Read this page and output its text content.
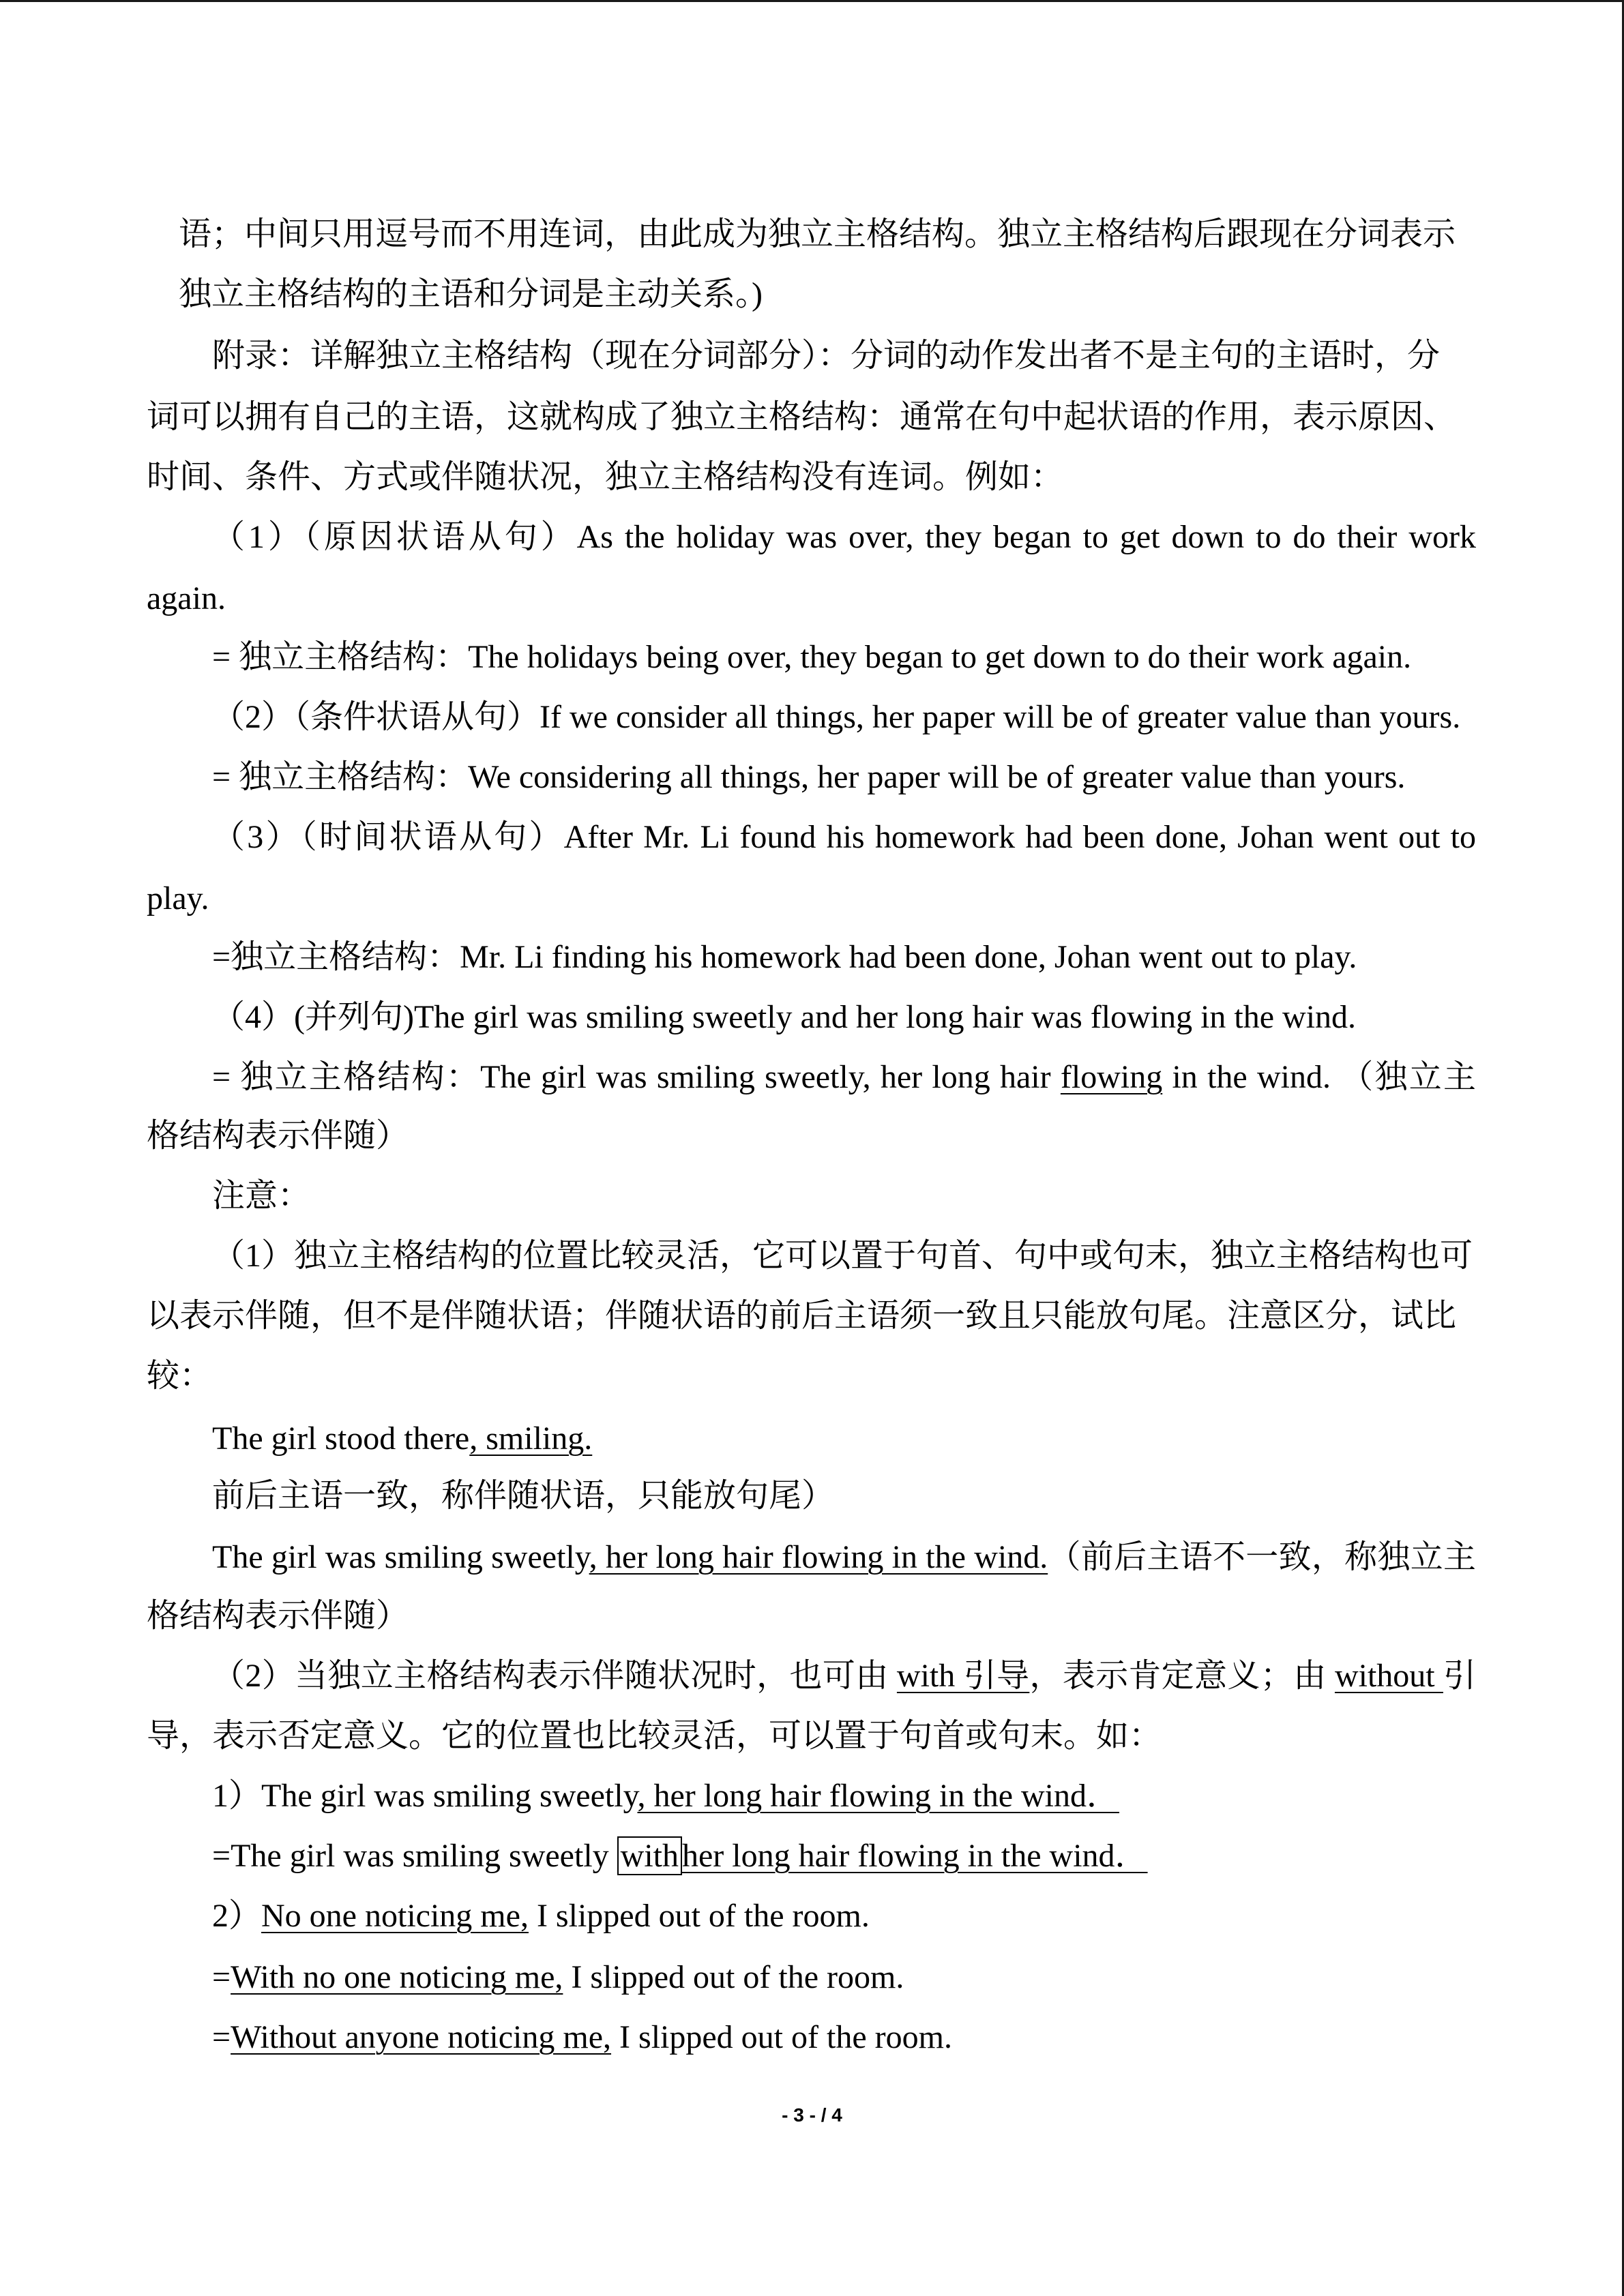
语；中间只用逗号而不用连词，由此成为独立主格结构。独立主格结构后跟现在分词表示
独立主格结构的主语和分词是主动关系。)
附录：详解独立主格结构（现在分词部分）：分词的动作发出者不是主句的主语时，分
词可以拥有自己的主语，这就构成了独立主格结构：通常在句中起状语的作用，表示原因、
时间、条件、方式或伴随状况，独立主格结构没有连词。例如：
（1）（原因状语从句）As the holiday was over, they began to get down to do their work
again.
= 独立主格结构：The holidays being over, they began to get down to do their work again.
（2）（条件状语从句）If we consider all things, her paper will be of greater value than yours.
= 独立主格结构：We considering all things, her paper will be of greater value than yours.
（3）（时间状语从句）After Mr. Li found his homework had been done, Johan went out to
play.
=独立主格结构：Mr. Li finding his homework had been done, Johan went out to play.
（4）(并列句)The girl was smiling sweetly and her long hair was flowing in the wind.
= 独立主格结构：The girl was smiling sweetly, her long hair flowing in the wind. （独立主
格结构表示伴随）
注意：
（1）独立主格结构的位置比较灵活，它可以置于句首、句中或句末，独立主格结构也可
以表示伴随，但不是伴随状语；伴随状语的前后主语须一致且只能放句尾。注意区分，试比
较：
The girl stood there, smiling.
前后主语一致，称伴随状语，只能放句尾）
The girl was smiling sweetly, her long hair flowing in the wind.（前后主语不一致，称独立主
格结构表示伴随）
（2）当独立主格结构表示伴随状况时，也可由 with 引导，表示肯定意义；由 without 引
导，表示否定意义。它的位置也比较灵活，可以置于句首或句末。如：
1）The girl was smiling sweetly, her long hair flowing in the wind．
=The girl was smiling sweetly with her long hair flowing in the wind．
2）No one noticing me, I slipped out of the room.
=With no one noticing me, I slipped out of the room.
=Without anyone noticing me, I slipped out of the room.
- 3 - / 4
